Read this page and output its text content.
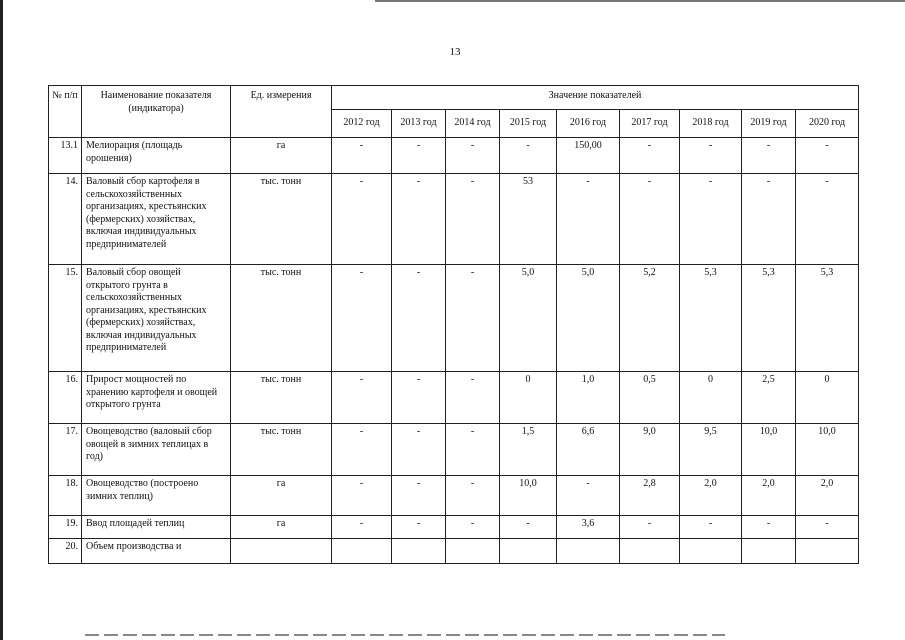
13
№ п/п	Наименование показателя (индикатора)	Ед. измерения	Значение показателей								
			2012 год	2013 год	2014 год	2015 год	2016 год	2017 год	2018 год	2019 год	2020 год
13.1	Мелиорация (площадь орошения)	га	-	-	-	-	150,00	-	-	-	-
14.	Валовый сбор картофеля в сельскохозяйственных организациях, крестьянских (фермерских) хозяйствах, включая индивидуальных предпринимателей	тыс. тонн	-	-	-	53	-	-	-	-	-
15.	Валовый сбор овощей открытого грунта в сельскохозяйственных организациях, крестьянских (фермерских) хозяйствах, включая индивидуальных предпринимателей	тыс. тонн	-	-	-	5,0	5,0	5,2	5,3	5,3	5,3
16.	Прирост мощностей по хранению картофеля и овощей открытого грунта	тыс. тонн	-	-	-	0	1,0	0,5	0	2,5	0
17.	Овощеводство (валовый сбор овощей в зимних теплицах в год)	тыс. тонн	-	-	-	1,5	6,6	9,0	9,5	10,0	10,0
18.	Овощеводство (построено зимних теплиц)	га	-	-	-	10,0	-	2,8	2,0	2,0	2,0
19.	Ввод площадей теплиц	га	-	-	-	-	3,6	-	-	-	-
20.	Объем производства и										
